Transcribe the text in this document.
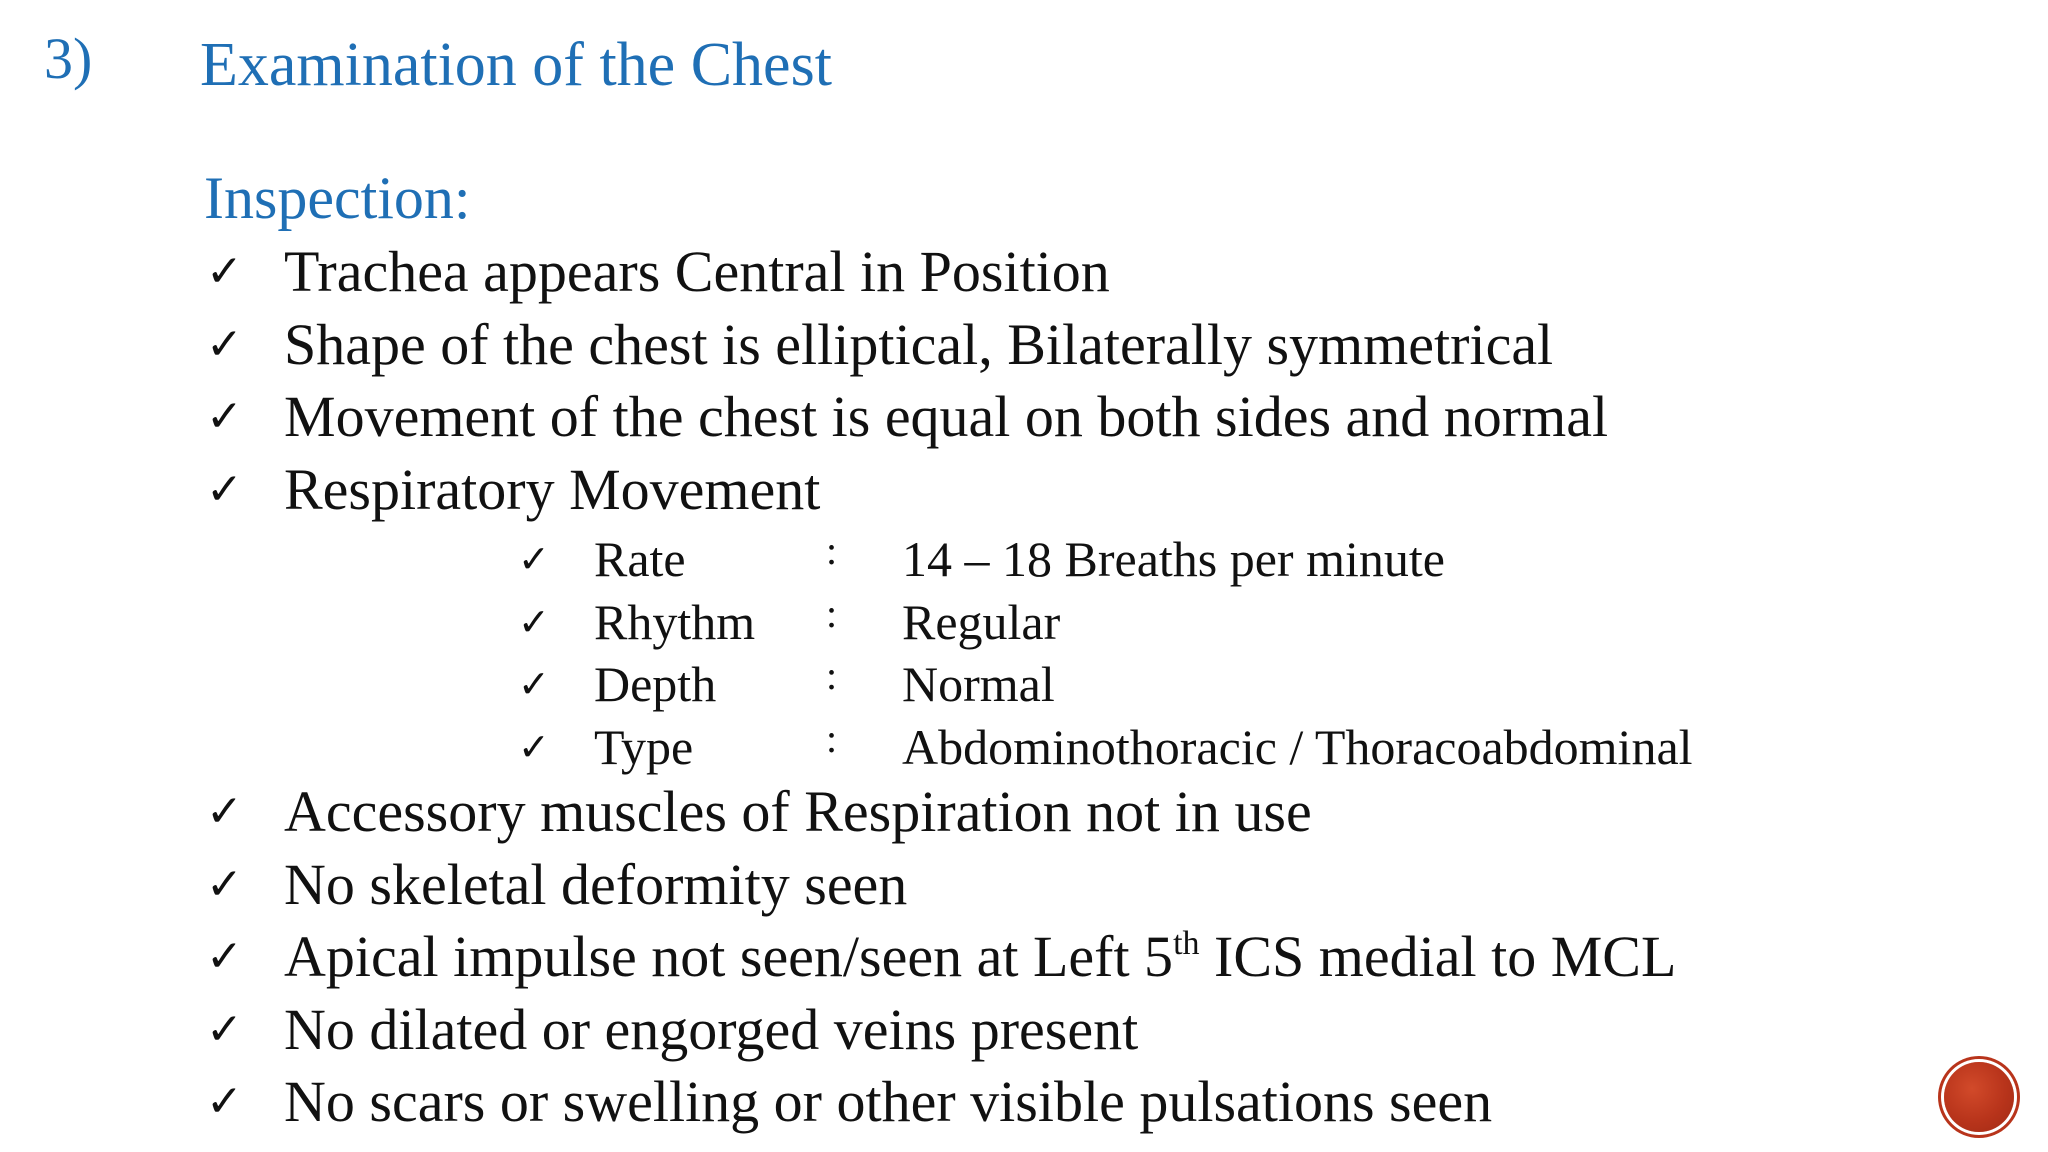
3) Examination of the Chest
Inspection:
✓ Trachea appears Central in Position
✓ Shape of the chest is elliptical, Bilaterally symmetrical
✓ Movement of the chest is equal on both sides and normal
✓ Respiratory Movement
✓ Rate	:	14 – 18 Breaths per minute
✓ Rhythm	:	Regular
✓ Depth	:	Normal
✓ Type	:	Abdominothoracic / Thoracoabdominal
✓ Accessory muscles of Respiration not in use
✓ No skeletal deformity seen
✓ Apical impulse not seen/seen at Left 5th ICS medial to MCL
✓ No dilated or engorged veins present
✓ No scars or swelling or other visible pulsations seen
